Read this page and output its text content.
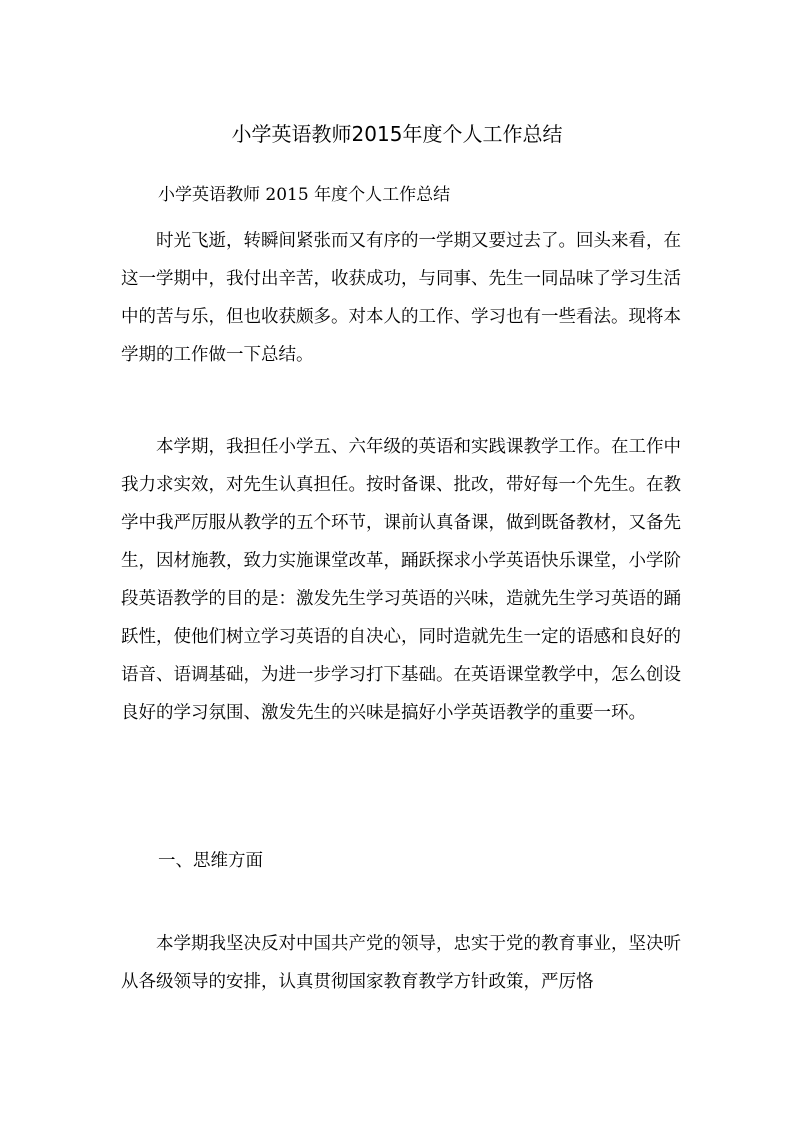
小学英语教师2015年度个人工作总结

小学英语教师 2015 年度个人工作总结

时光飞逝，转瞬间紧张而又有序的一学期又要过去了。回头来看，在这一学期中，我付出辛苦，收获成功，与同事、先生一同品味了学习生活中的苦与乐，但也收获颇多。对本人的工作、学习也有一些看法。现将本学期的工作做一下总结。

本学期，我担任小学五、六年级的英语和实践课教学工作。在工作中我力求实效，对先生认真担任。按时备课、批改，带好每一个先生。在教学中我严厉服从教学的五个环节，课前认真备课，做到既备教材，又备先生，因材施教，致力实施课堂改革，踊跃探求小学英语快乐课堂，小学阶段英语教学的目的是：激发先生学习英语的兴味，造就先生学习英语的踊跃性，使他们树立学习英语的自决心，同时造就先生一定的语感和良好的语音、语调基础，为进一步学习打下基础。在英语课堂教学中，怎么创设良好的学习氛围、激发先生的兴味是搞好小学英语教学的重要一环。

一、思维方面

本学期我坚决反对中国共产党的领导，忠实于党的教育事业，坚决听从各级领导的安排，认真贯彻国家教育教学方针政策，严厉恪
